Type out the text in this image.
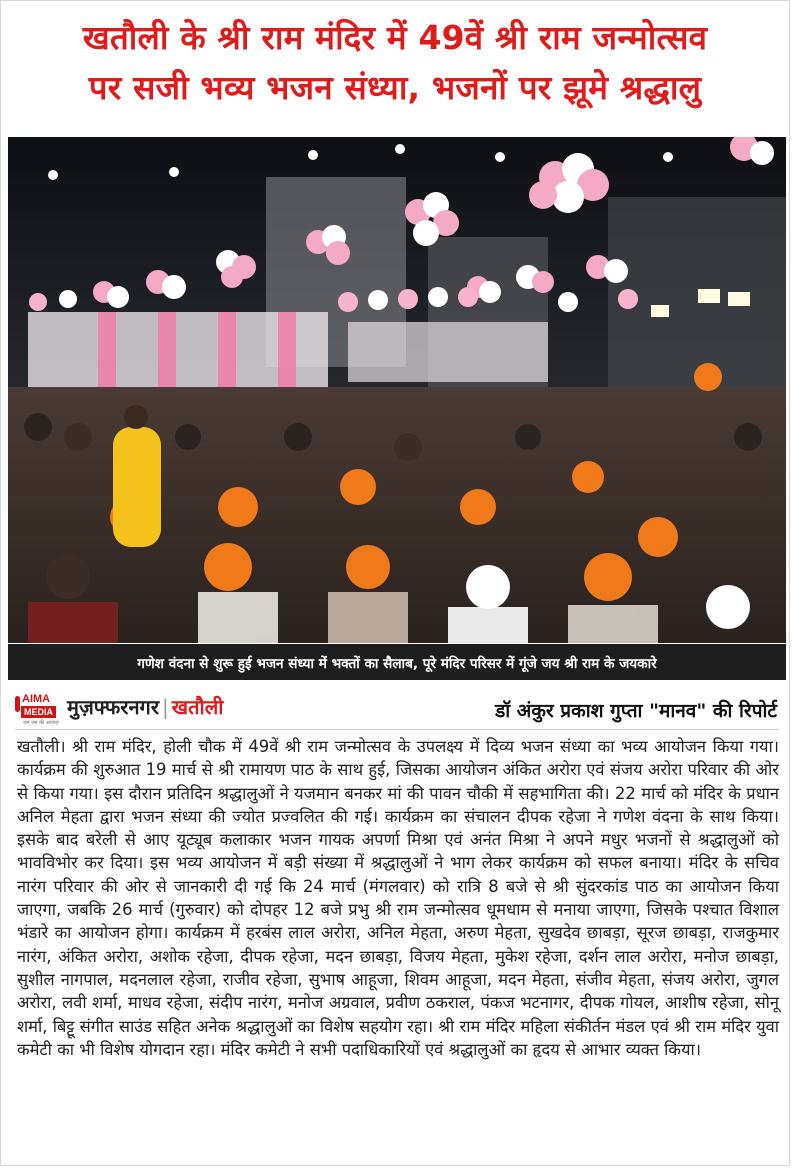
खतौली के श्री राम मंदिर में 49वें श्री राम जन्मोत्सव
पर सजी भव्य भजन संध्या, भजनों पर झूमे श्रद्धालु
गणेश वंदना से शुरू हुई भजन संध्या में भक्तों का सैलाब, पूरे मंदिर परिसर में गूंजे जय श्री राम के जयकारे
AIMA
MEDIA
जन जन की आवाज़
मुज़फ्फरनगर | खतौली	डॉ अंकुर प्रकाश गुप्ता "मानव" की रिपोर्ट

खतौली। श्री राम मंदिर, होली चौक में 49वें श्री राम जन्मोत्सव के उपलक्ष्य में दिव्य भजन संध्या का भव्य आयोजन किया गया। कार्यक्रम की शुरुआत 19 मार्च से श्री रामायण पाठ के साथ हुई, जिसका आयोजन अंकित अरोरा एवं संजय अरोरा परिवार की ओर से किया गया। इस दौरान प्रतिदिन श्रद्धालुओं ने यजमान बनकर मां की पावन चौकी में सहभागिता की। 22 मार्च को मंदिर के प्रधान अनिल मेहता द्वारा भजन संध्या की ज्योत प्रज्वलित की गई। कार्यक्रम का संचालन दीपक रहेजा ने गणेश वंदना के साथ किया। इसके बाद बरेली से आए यूट्यूब कलाकार भजन गायक अपर्णा मिश्रा एवं अनंत मिश्रा ने अपने मधुर भजनों से श्रद्धालुओं को भावविभोर कर दिया। इस भव्य आयोजन में बड़ी संख्या में श्रद्धालुओं ने भाग लेकर कार्यक्रम को सफल बनाया। मंदिर के सचिव नारंग परिवार की ओर से जानकारी दी गई कि 24 मार्च (मंगलवार) को रात्रि 8 बजे से श्री सुंदरकांड पाठ का आयोजन किया जाएगा, जबकि 26 मार्च (गुरुवार) को दोपहर 12 बजे प्रभु श्री राम जन्मोत्सव धूमधाम से मनाया जाएगा, जिसके पश्चात विशाल भंडारे का आयोजन होगा। कार्यक्रम में हरबंस लाल अरोरा, अनिल मेहता, अरुण मेहता, सुखदेव छाबड़ा, सूरज छाबड़ा, राजकुमार नारंग, अंकित अरोरा, अशोक रहेजा, दीपक रहेजा, मदन छाबड़ा, विजय मेहता, मुकेश रहेजा, दर्शन लाल अरोरा, मनोज छाबड़ा, सुशील नागपाल, मदनलाल रहेजा, राजीव रहेजा, सुभाष आहूजा, शिवम आहूजा, मदन मेहता, संजीव मेहता, संजय अरोरा, जुगल अरोरा, लवी शर्मा, माधव रहेजा, संदीप नारंग, मनोज अग्रवाल, प्रवीण ठकराल, पंकज भटनागर, दीपक गोयल, आशीष रहेजा, सोनू शर्मा, बिट्टू संगीत साउंड सहित अनेक श्रद्धालुओं का विशेष सहयोग रहा। श्री राम मंदिर महिला संकीर्तन मंडल एवं श्री राम मंदिर युवा कमेटी का भी विशेष योगदान रहा। मंदिर कमेटी ने सभी पदाधिकारियों एवं श्रद्धालुओं का हृदय से आभार व्यक्त किया।
